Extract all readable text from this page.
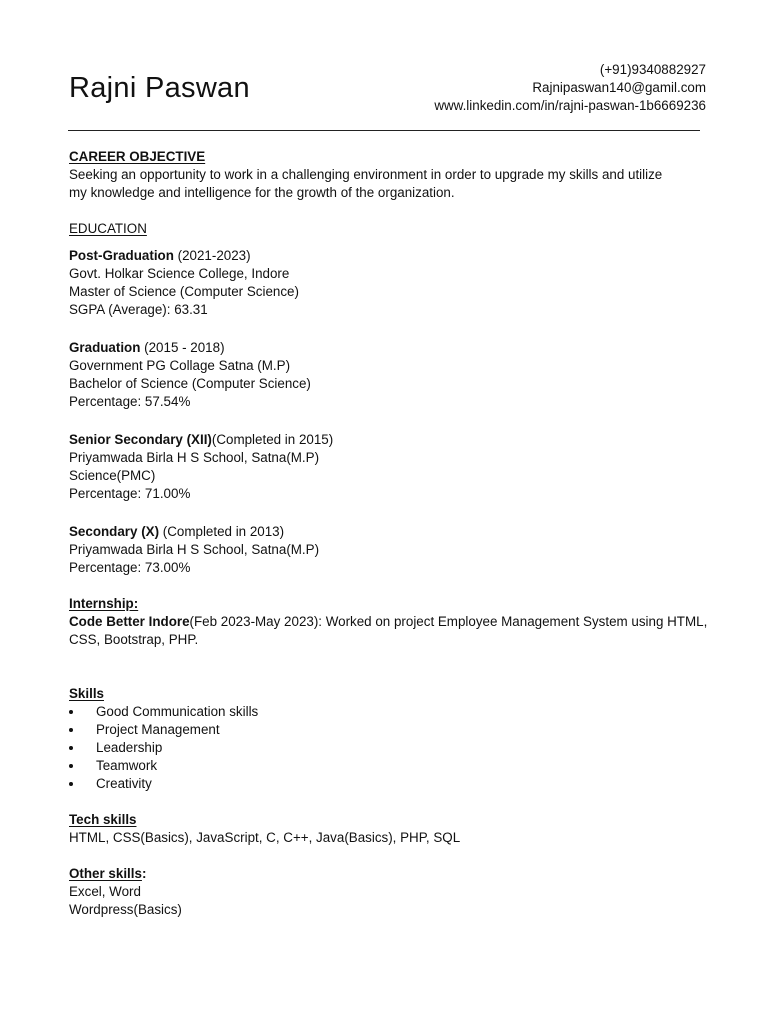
Rajni Paswan
(+91)9340882927
Rajnipaswan140@gamil.com
www.linkedin.com/in/rajni-paswan-1b6669236
CAREER OBJECTIVE
Seeking an opportunity to work in a challenging environment in order to upgrade my skills and utilize my knowledge and intelligence for the growth of the organization.
EDUCATION
Post-Graduation (2021-2023)
Govt. Holkar Science College, Indore
Master of Science (Computer Science)
SGPA (Average): 63.31
Graduation (2015 - 2018)
Government PG Collage Satna (M.P)
Bachelor of Science (Computer Science)
Percentage: 57.54%
Senior Secondary (XII)(Completed in 2015)
Priyamwada Birla H S School, Satna(M.P)
Science(PMC)
Percentage: 71.00%
Secondary (X) (Completed in 2013)
Priyamwada Birla H S School, Satna(M.P)
Percentage: 73.00%
Internship:
Code Better Indore(Feb 2023-May 2023): Worked on project Employee Management System using HTML, CSS, Bootstrap, PHP.
Skills
Good Communication skills
Project Management
Leadership
Teamwork
Creativity
Tech skills
HTML, CSS(Basics), JavaScript, C, C++, Java(Basics), PHP, SQL
Other skills:
Excel, Word
Wordpress(Basics)
